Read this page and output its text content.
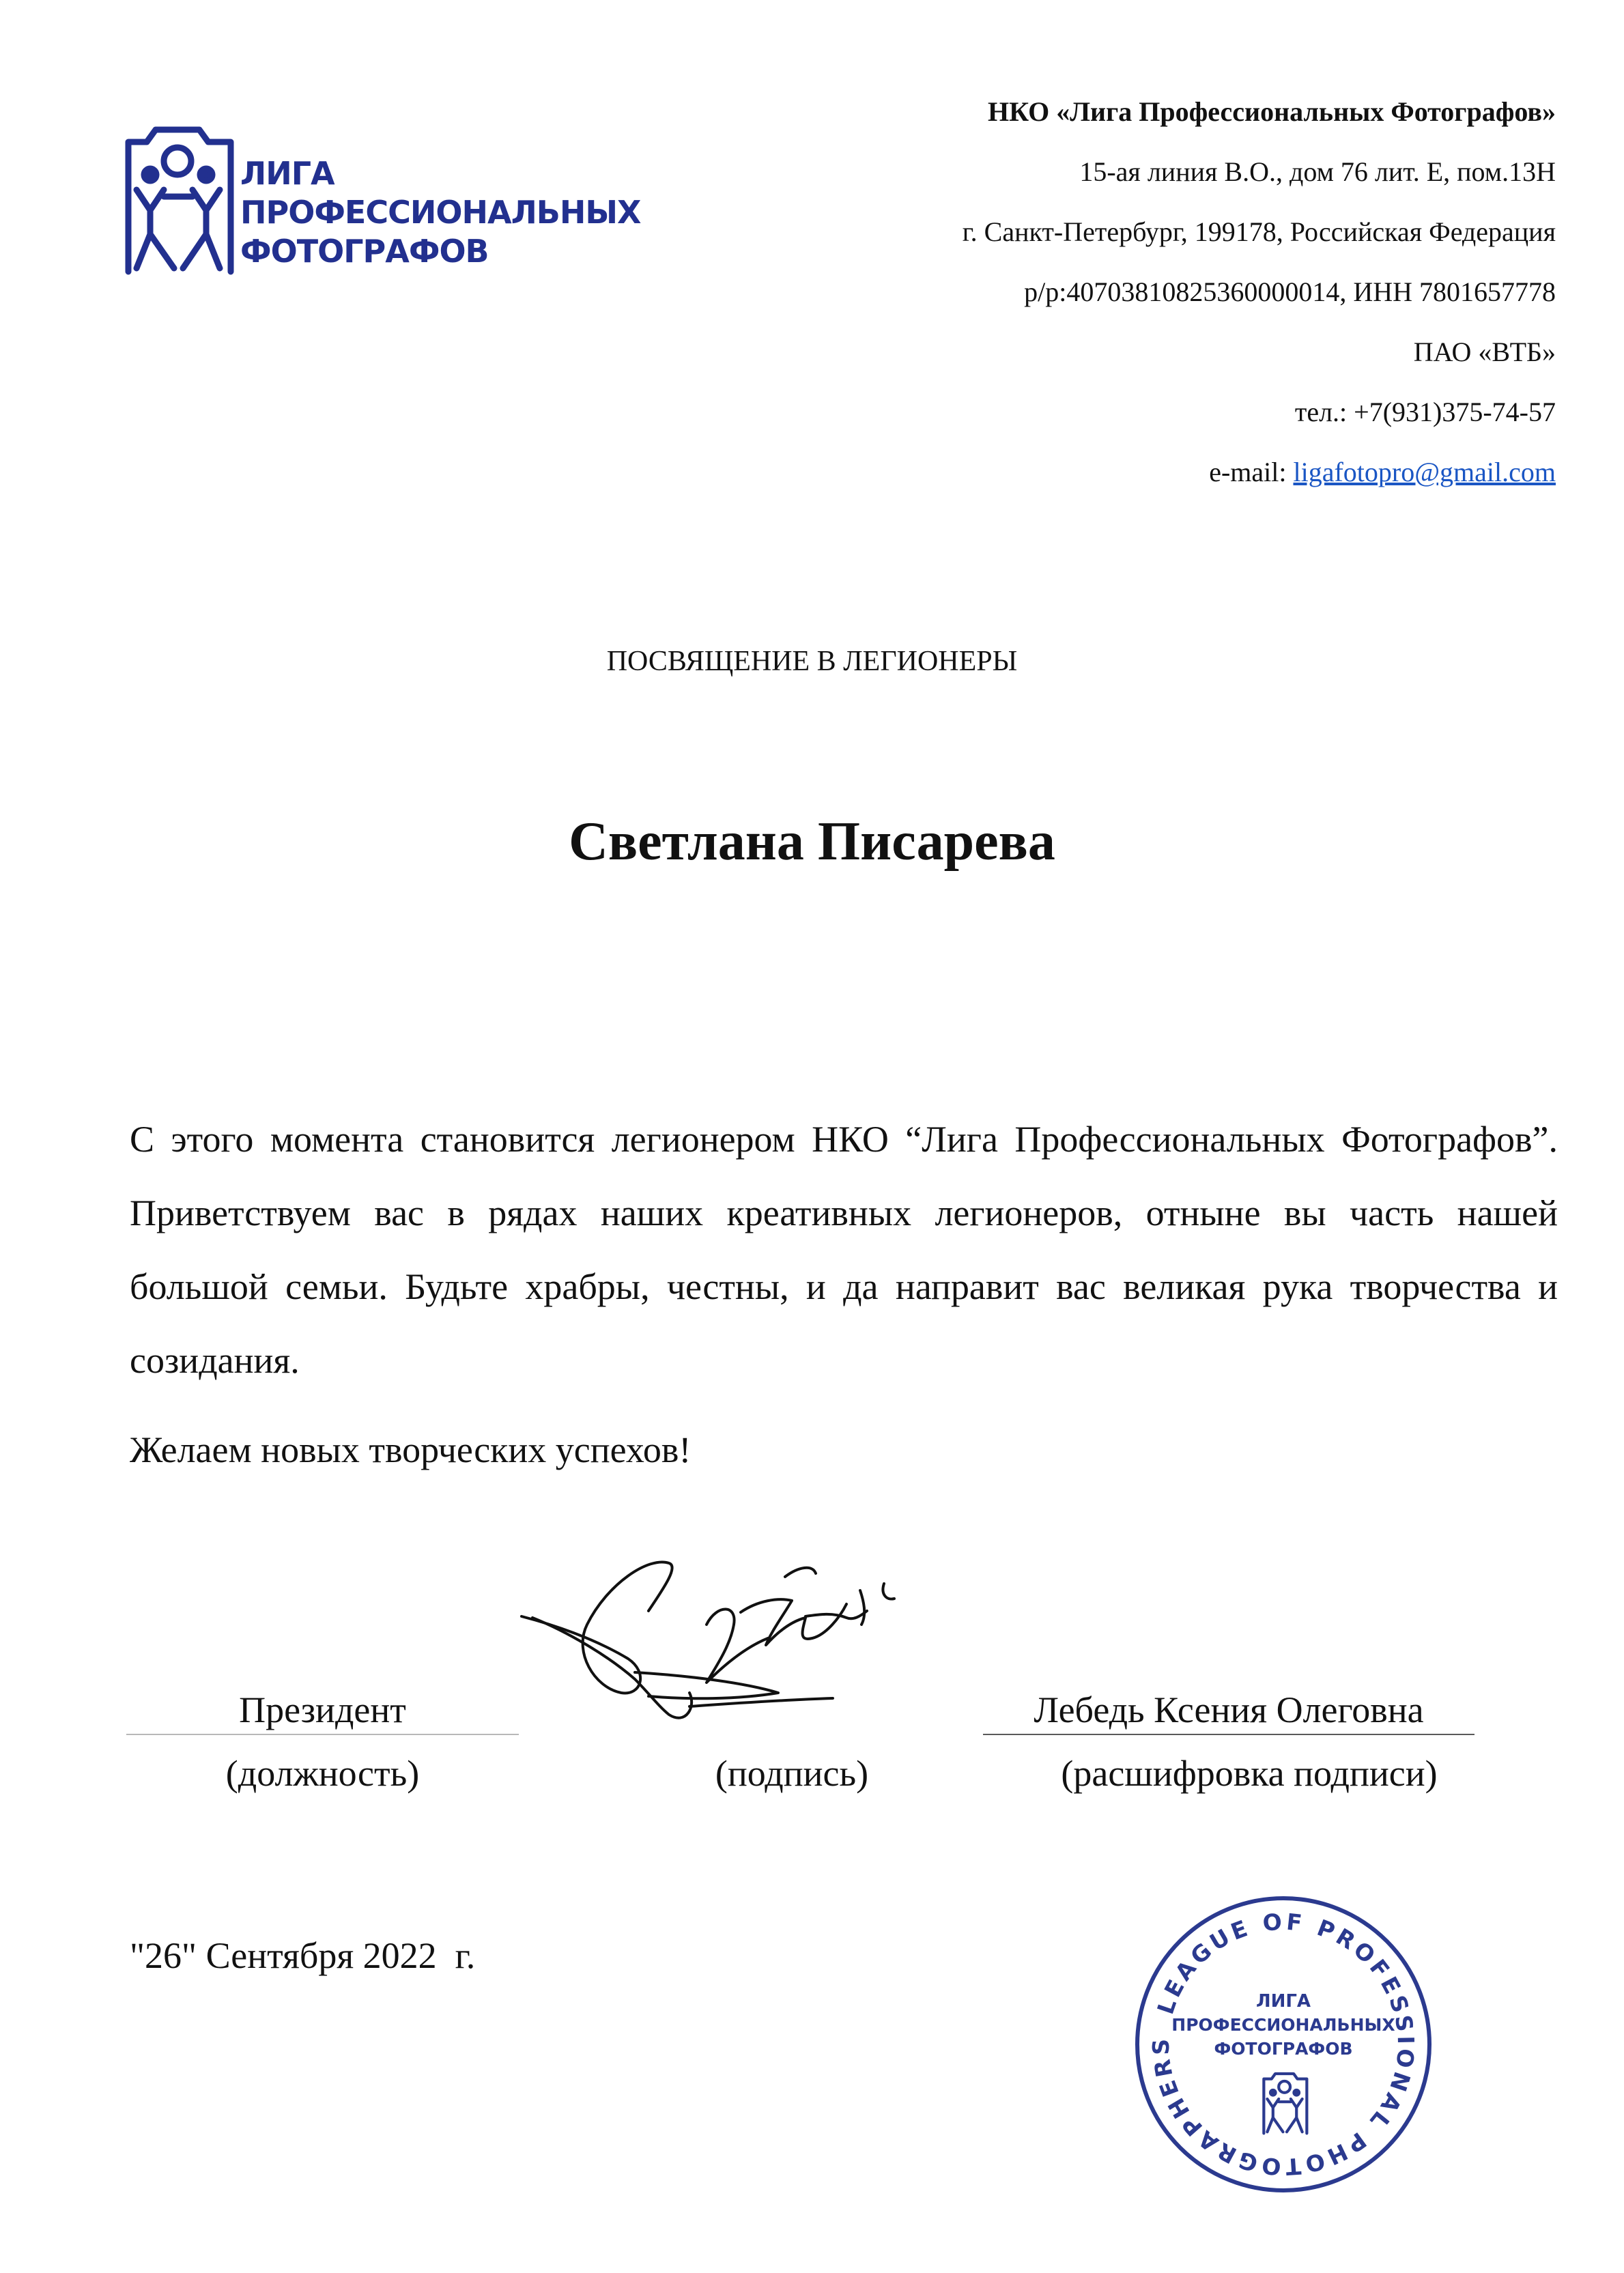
ЛИГА
ПРОФЕССИОНАЛЬНЫХ
ФОТОГРАФОВ
НКО «Лига Профессиональных Фотографов»
15-ая линия В.О., дом 76 лит. Е, пом.13Н
г. Санкт-Петербург, 199178, Российская Федерация
р/р:40703810825360000014, ИНН 7801657778
ПАО «ВТБ»
тел.: +7(931)375-74-57
e-mail: ligafotopro@gmail.com
ПОСВЯЩЕНИЕ В ЛЕГИОНЕРЫ
Светлана Писарева
С этого момента становится легионером НКО “Лига Профессиональных Фотографов”. Приветствуем вас в рядах наших креативных легионеров, отныне вы часть нашей большой семьи. Будьте храбры, честны, и да направит вас великая рука творчества и созидания.
Желаем новых творческих успехов!
Президент	Лебедь Ксения Олеговна
(должность)	(подпись)	(расшифровка подписи)
"26" Сентября 2022  г.
LEAGUE OF PROFESSIONAL PHOTOGRAPHERS
ЛИГА
ПРОФЕССИОНАЛЬНЫХ
ФОТОГРАФОВ
